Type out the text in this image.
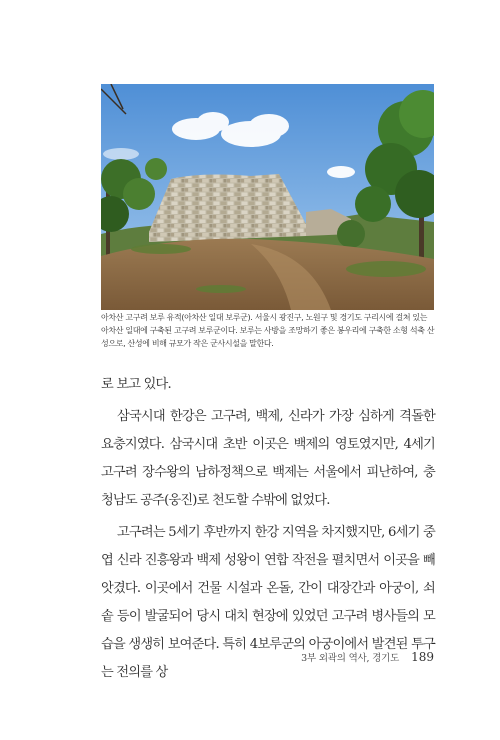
아차산 고구려 보루 유적(아차산 일대 보루군). 서울시 광진구, 노원구 및 경기도 구리시에 걸쳐 있는 아차산 일대에 구축된 고구려 보루군이다. 보루는 사방을 조망하기 좋은 봉우리에 구축한 소형 석축 산성으로, 산성에 비해 규모가 작은 군사시설을 말한다.

로 보고 있다.

삼국시대 한강은 고구려, 백제, 신라가 가장 심하게 격돌한 요충지였다. 삼국시대 초반 이곳은 백제의 영토였지만, 4세기 고구려 장수왕의 남하정책으로 백제는 서울에서 피난하여, 충청남도 공주(웅진)로 천도할 수밖에 없었다.

고구려는 5세기 후반까지 한강 지역을 차지했지만, 6세기 중엽 신라 진흥왕과 백제 성왕이 연합 작전을 펼치면서 이곳을 빼앗겼다. 이곳에서 건물 시설과 온돌, 간이 대장간과 아궁이, 쇠솥 등이 발굴되어 당시 대치 현장에 있었던 고구려 병사들의 모습을 생생히 보여준다. 특히 4보루군의 아궁이에서 발견된 투구는 전의를 상

3부 외곽의 역사, 경기도 189
